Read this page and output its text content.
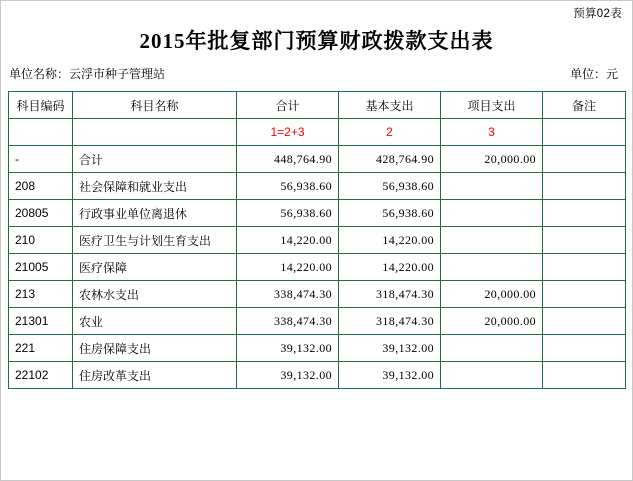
预算02表
2015年批复部门预算财政拨款支出表
单位名称：云浮市种子管理站	单位：元
科目编码	科目名称	合计	基本支出	项目支出	备注
		1=2+3	2	3	
-	合计	448,764.90	428,764.90	20,000.00	
208	社会保障和就业支出	56,938.60	56,938.60		
20805	行政事业单位离退休	56,938.60	56,938.60		
210	医疗卫生与计划生育支出	14,220.00	14,220.00		
21005	医疗保障	14,220.00	14,220.00		
213	农林水支出	338,474.30	318,474.30	20,000.00	
21301	农业	338,474.30	318,474.30	20,000.00	
221	住房保障支出	39,132.00	39,132.00		
22102	住房改革支出	39,132.00	39,132.00		
